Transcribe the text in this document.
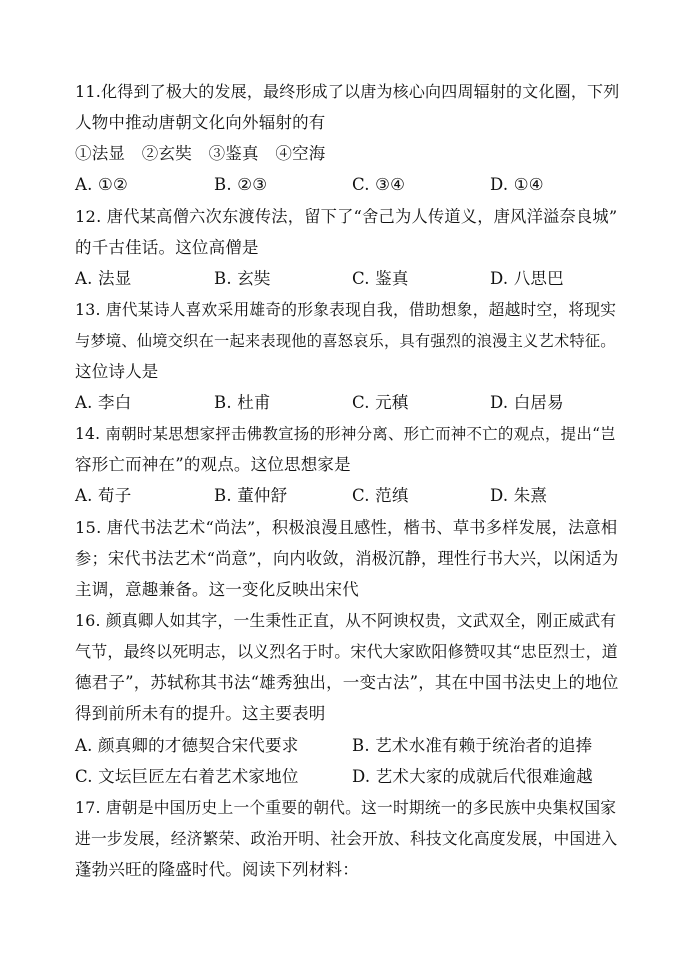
11.化得到了极大的发展，最终形成了以唐为核心向四周辐射的文化圈，下列
人物中推动唐朝文化向外辐射的有
①法显　②玄奘　③鉴真　④空海
A. ①②	B. ②③	C. ③④	D. ①④
12. 唐代某高僧六次东渡传法，留下了“舍己为人传道义，唐风洋溢奈良城”
的千古佳话。这位高僧是
A. 法显	B. 玄奘	C. 鉴真	D. 八思巴
13. 唐代某诗人喜欢采用雄奇的形象表现自我，借助想象，超越时空，将现实
与梦境、仙境交织在一起来表现他的喜怒哀乐，具有强烈的浪漫主义艺术特征。
这位诗人是
A. 李白	B. 杜甫	C. 元稹	D. 白居易
14. 南朝时某思想家抨击佛教宣扬的形神分离、形亡而神不亡的观点，提出“岂
容形亡而神在”的观点。这位思想家是
A. 荀子	B. 董仲舒	C. 范缜	D. 朱熹
15. 唐代书法艺术“尚法”，积极浪漫且感性，楷书、草书多样发展，法意相
参；宋代书法艺术“尚意”，向内收敛，消极沉静，理性行书大兴，以闲适为
主调，意趣兼备。这一变化反映出宋代
16. 颜真卿人如其字，一生秉性正直，从不阿谀权贵，文武双全，刚正威武有
气节，最终以死明志，以义烈名于时。宋代大家欧阳修赞叹其“忠臣烈士，道
德君子”，苏轼称其书法“雄秀独出，一变古法”，其在中国书法史上的地位
得到前所未有的提升。这主要表明
A. 颜真卿的才德契合宋代要求	B. 艺术水准有赖于统治者的追捧
C. 文坛巨匠左右着艺术家地位	D. 艺术大家的成就后代很难逾越
17. 唐朝是中国历史上一个重要的朝代。这一时期统一的多民族中央集权国家
进一步发展，经济繁荣、政治开明、社会开放、科技文化高度发展，中国进入
蓬勃兴旺的隆盛时代。阅读下列材料：
